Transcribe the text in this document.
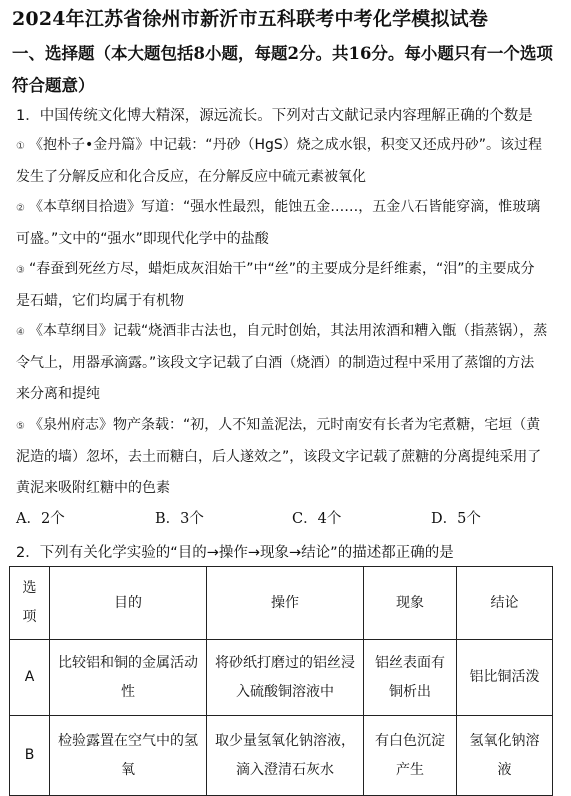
2024年江苏省徐州市新沂市五科联考中考化学模拟试卷
一、选择题（本大题包括8小题，每题2分。共16分。每小题只有一个选项符合题意）
1．中国传统文化博大精深，源远流长。下列对古文献记录内容理解正确的个数是
① 《抱朴子•金丹篇》中记载：“丹砂（HgS）烧之成水银，积变又还成丹砂”。该过程发生了分解反应和化合反应，在分解反应中硫元素被氧化
② 《本草纲目拾遗》写道：“强水性最烈，能蚀五金……，五金八石皆能穿滴，惟玻璃可盛。”文中的“强水”即现代化学中的盐酸
③ “春蚕到死丝方尽，蜡炬成灰泪始干”中“丝”的主要成分是纤维素，“泪”的主要成分是石蜡，它们均属于有机物
④ 《本草纲目》记载“烧酒非古法也，自元时创始，其法用浓酒和糟入甑（指蒸锅），蒸令气上，用器承滴露。”该段文字记载了白酒（烧酒）的制造过程中采用了蒸馏的方法来分离和提纯
⑤ 《泉州府志》物产条载：“初，人不知盖泥法，元时南安有长者为宅煮糖，宅垣（黄泥造的墙）忽坏，去土而糖白，后人遂效之”，该段文字记载了蔗糖的分离提纯采用了黄泥来吸附红糖中的色素
A．2个	B．3个	C．4个	D．5个
2．下列有关化学实验的“目的→操作→现象→结论”的描述都正确的是
选项	目的	操作	现象	结论
A	比较铝和铜的金属活动性	将砂纸打磨过的铝丝浸入硫酸铜溶液中	铝丝表面有铜析出	铝比铜活泼
B	检验露置在空气中的氢氧	取少量氢氧化钠溶液，滴入澄清石灰水	有白色沉淀产生	氢氧化钠溶液
